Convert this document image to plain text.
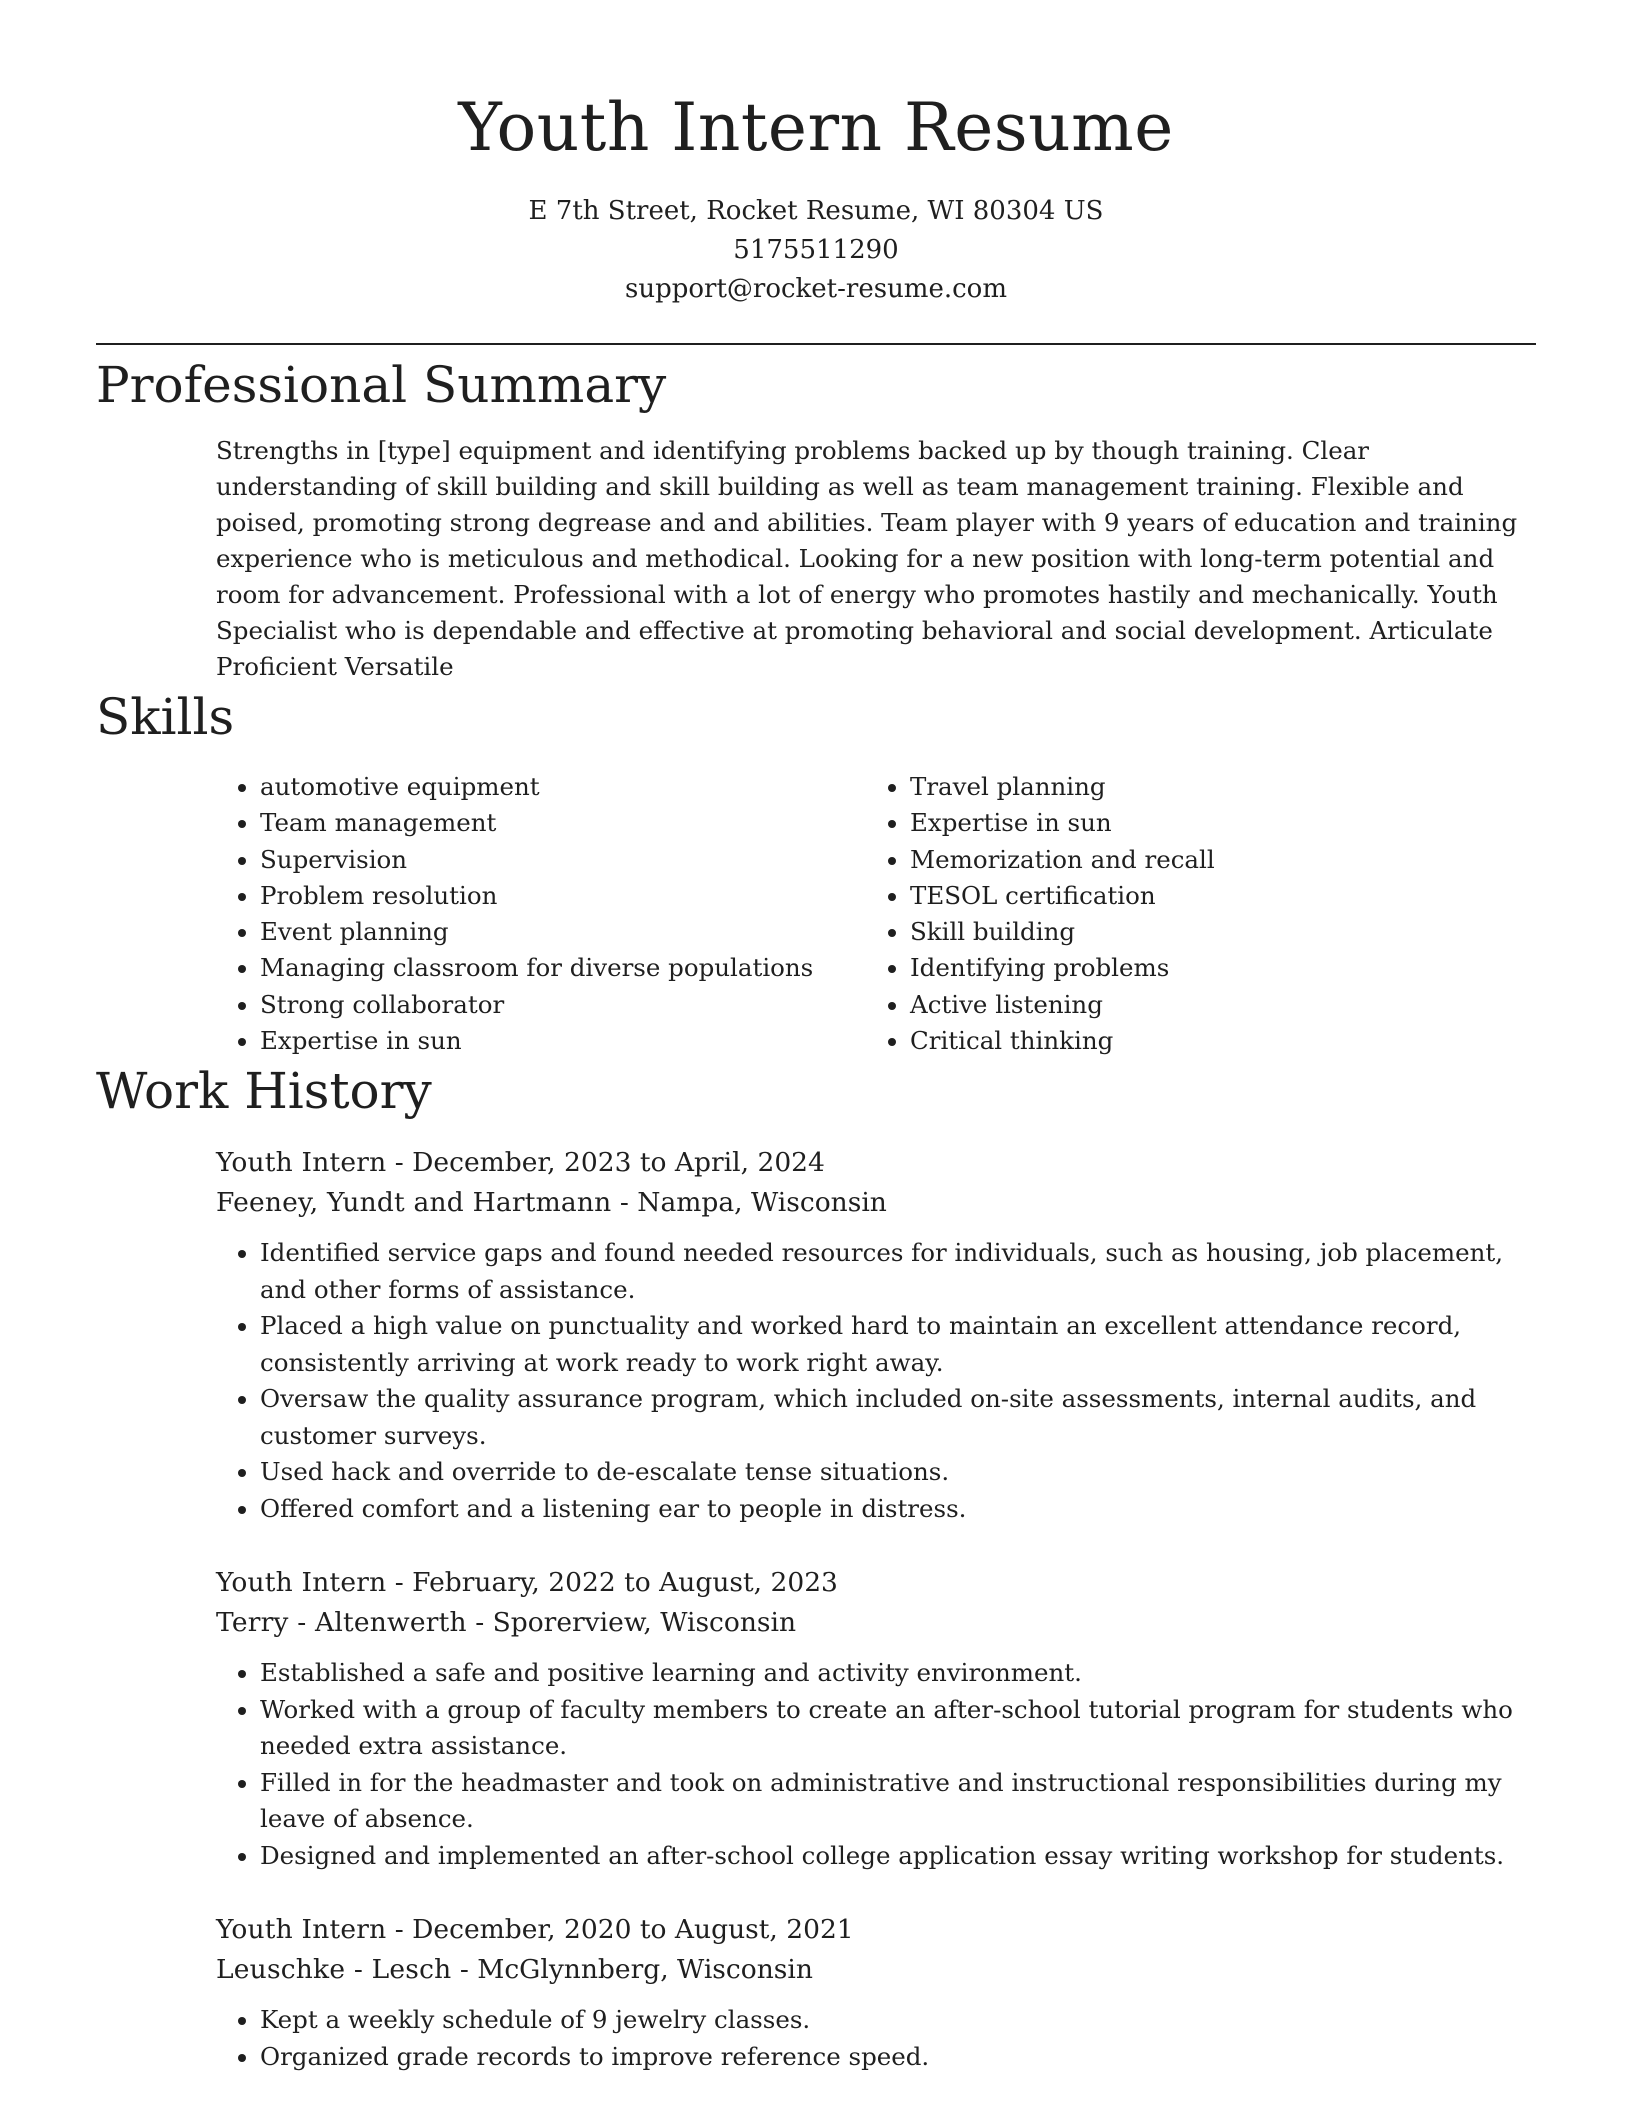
Youth Intern Resume
E 7th Street, Rocket Resume, WI 80304 US
5175511290
support@rocket-resume.com
Professional Summary

Strengths in [type] equipment and identifying problems backed up by though training. Clear understanding of skill building and skill building as well as team management training. Flexible and poised, promoting strong degrease and and abilities. Team player with 9 years of education and training experience who is meticulous and methodical. Looking for a new position with long-term potential and room for advancement. Professional with a lot of energy who promotes hastily and mechanically. Youth Specialist who is dependable and effective at promoting behavioral and social development. Articulate Proficient Versatile

Skills
• automotive equipment
• Team management
• Supervision
• Problem resolution
• Event planning
• Managing classroom for diverse populations
• Strong collaborator
• Expertise in sun
• Travel planning
• Expertise in sun
• Memorization and recall
• TESOL certification
• Skill building
• Identifying problems
• Active listening
• Critical thinking
Work History
Youth Intern - December, 2023 to April, 2024
Feeney, Yundt and Hartmann - Nampa, Wisconsin
• Identified service gaps and found needed resources for individuals, such as housing, job placement, and other forms of assistance.
• Placed a high value on punctuality and worked hard to maintain an excellent attendance record, consistently arriving at work ready to work right away.
• Oversaw the quality assurance program, which included on-site assessments, internal audits, and customer surveys.
• Used hack and override to de-escalate tense situations.
• Offered comfort and a listening ear to people in distress.
Youth Intern - February, 2022 to August, 2023
Terry - Altenwerth - Sporerview, Wisconsin
• Established a safe and positive learning and activity environment.
• Worked with a group of faculty members to create an after-school tutorial program for students who needed extra assistance.
• Filled in for the headmaster and took on administrative and instructional responsibilities during my leave of absence.
• Designed and implemented an after-school college application essay writing workshop for students.
Youth Intern - December, 2020 to August, 2021
Leuschke - Lesch - McGlynnberg, Wisconsin
• Kept a weekly schedule of 9 jewelry classes.
• Organized grade records to improve reference speed.
